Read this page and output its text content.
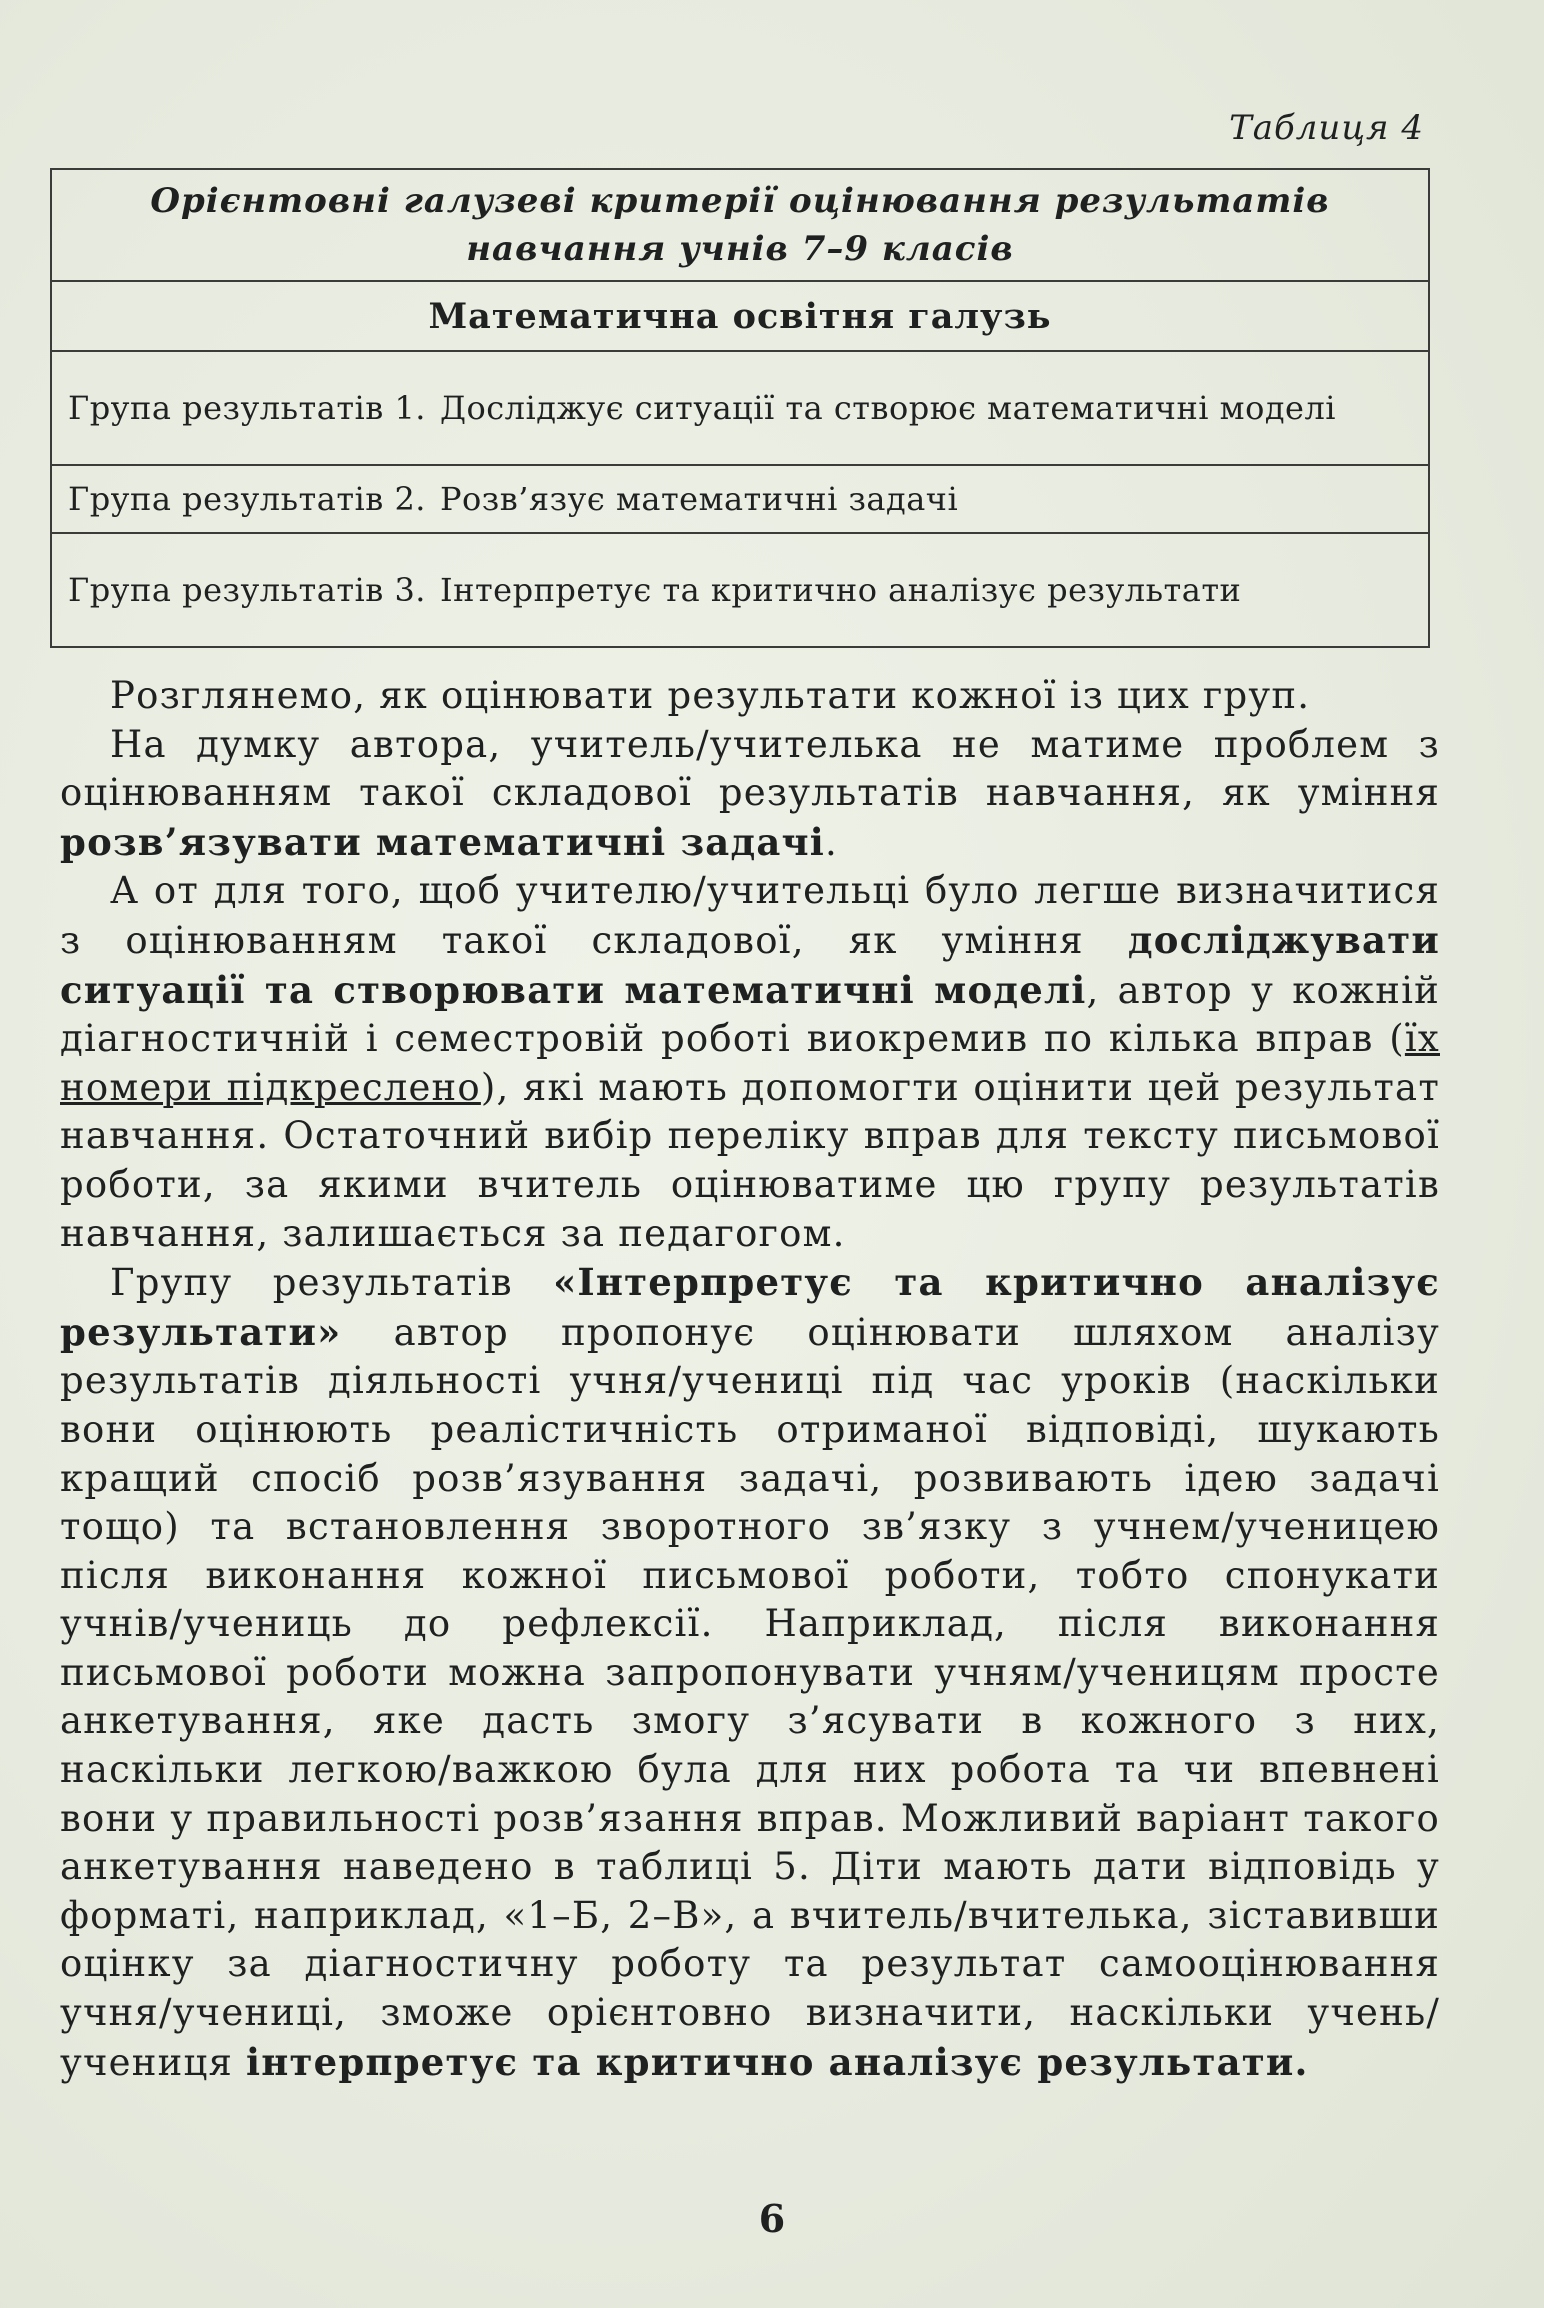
Таблиця 4
Орієнтовні галузеві критерії оцінювання результатів
навчання учнів 7–9 класів

Математична освітня галузь

Група результатів 1. Досліджує ситуації та створює математичні моделі

Група результатів 2. Розв’язує математичні задачі

Група результатів 3. Інтерпретує та критично аналізує результати

Розглянемо, як оцінювати результати кожної із цих груп.

На думку автора, учитель/учителька не матиме проблем з оцінюванням такої складової результатів навчання, як уміння розв’язувати математичні задачі.

А от для того, щоб учителю/учительці було легше визначитися з оцінюванням такої складової, як уміння досліджувати ситуації та створювати математичні моделі, автор у кожній діагностичній і семестровій роботі виокремив по кілька вправ (їх номери підкреслено), які мають допомогти оцінити цей результат навчання. Остаточний вибір переліку вправ для тексту письмової роботи, за якими вчитель оцінюватиме цю групу результатів навчання, залишається за педагогом.

Групу результатів «Інтерпретує та критично аналізує результати» автор пропонує оцінювати шляхом аналізу результатів діяльності учня/учениці під час уроків (наскільки вони оцінюють реалістичність отриманої відповіді, шукають кращий спосіб розв’язування задачі, розвивають ідею задачі тощо) та встановлення зворотного зв’язку з учнем/ученицею після виконання кожної письмової роботи, тобто спонукати учнів/учениць до рефлексії. Наприклад, після виконання письмової роботи можна запропонувати учням/ученицям просте анкетування, яке дасть змогу з’ясувати в кожного з них, наскільки легкою/важкою була для них робота та чи впевнені вони у правильності розв’язання вправ. Можливий варіант такого анкетування наведено в таблиці 5. Діти мають дати відповідь у форматі, наприклад, «1–Б, 2–В», а вчитель/вчителька, зіставивши оцінку за діагностичну роботу та результат самооцінювання учня/учениці, зможе орієнтовно визначити, наскільки учень/учениця інтерпретує та критично аналізує результати.

6
